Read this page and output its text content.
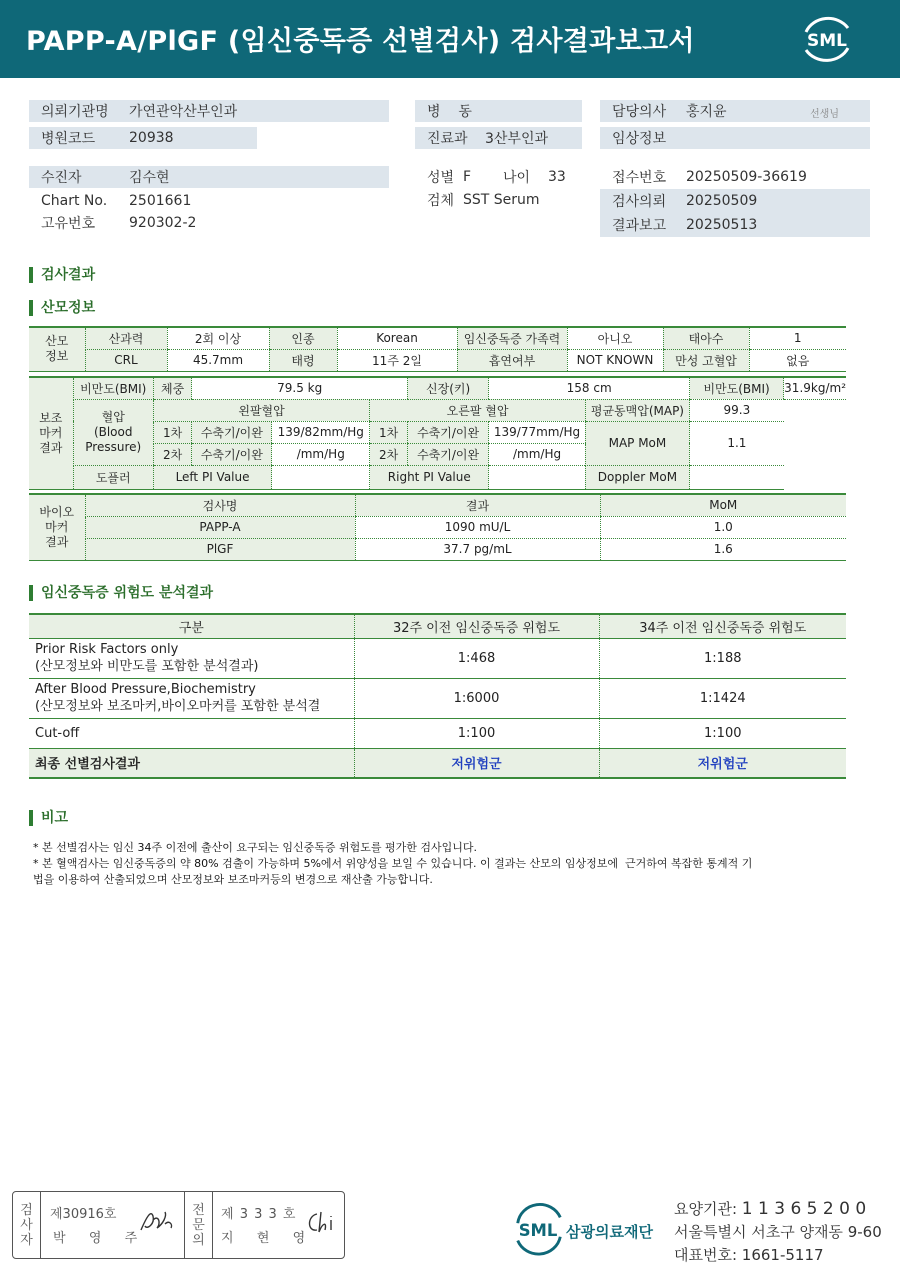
PAPP-A/PlGF (임신중독증 선별검사) 검사결과보고서	SML
의뢰기관명 가연관악산부인과
병원코드 20938
병    동
진료과 3산부인과
담당의사 홍지윤	선생님
임상정보
수진자	김수현
Chart No. 2501661
고유번호 920302-2
성별 F 나이 33
검체 SST Serum
접수번호 20250509-36619
검사의뢰 20250509
결과보고 20250513
검사결과
산모정보
산모
정보	산과력	2회 이상	인종	Korean	임신중독증 가족력	아니오	태아수	1
	CRL	45.7mm	태령	11주 2일	흡연여부	NOT KNOWN	만성 고혈압	없음
보조
마커
결과	비만도(BMI)	체중	79.5 kg			신장(키)	158 cm		비만도(BMI)	31.9kg/m²
	혈압
(Blood
Pressure)	왼팔혈압			오른팔 혈압			평균동맥압(MAP)	99.3	
		1차	수축기/이완	139/82mm/Hg	1차	수축기/이완	139/77mm/Hg	MAP MoM	1.1	
		2차	수축기/이완	/mm/Hg	2차	수축기/이완	/mm/Hg			
	도플러	Left PI Value			Right PI Value			Doppler MoM		
바이오
마커
결과	검사명	결과	MoM
	PAPP-A	1090 mU/L	1.0
	PlGF	37.7 pg/mL	1.6
임신중독증 위험도 분석결과
구분	32주 이전 임신중독증 위험도	34주 이전 임신중독증 위험도

Prior Risk Factors only
(산모정보와 비만도를 포함한 분석결과)	1:468	1:188

After Blood Pressure,Biochemistry
(산모정보와 보조마커,바이오마커를 포함한 분석결	1:6000	1:1424
Cut-off	1:100	1:100
최종 선별검사결과	저위험군	저위험군
비고
* 본 선별검사는 임신 34주 이전에 출산이 요구되는 임신중독증 위험도를 평가한 검사입니다.
* 본 혈액검사는 임신중독증의 약 80% 검출이 가능하며 5%에서 위양성을 보일 수 있습니다. 이 결과는 산모의 임상정보에  근거하여 복잡한 통계적 기
법을 이용하여 산출되었으며 산모정보와 보조마커등의 변경으로 재산출 가능합니다.
검
사
자
제30916호
박  영  주
전
문
의
제 3 3 3 호
지  현  영	SML 삼광의료재단
요양기관: 1 1 3 6 5 2 0 0
서울특별시 서초구 양재동 9-60
대표번호: 1661-5117
